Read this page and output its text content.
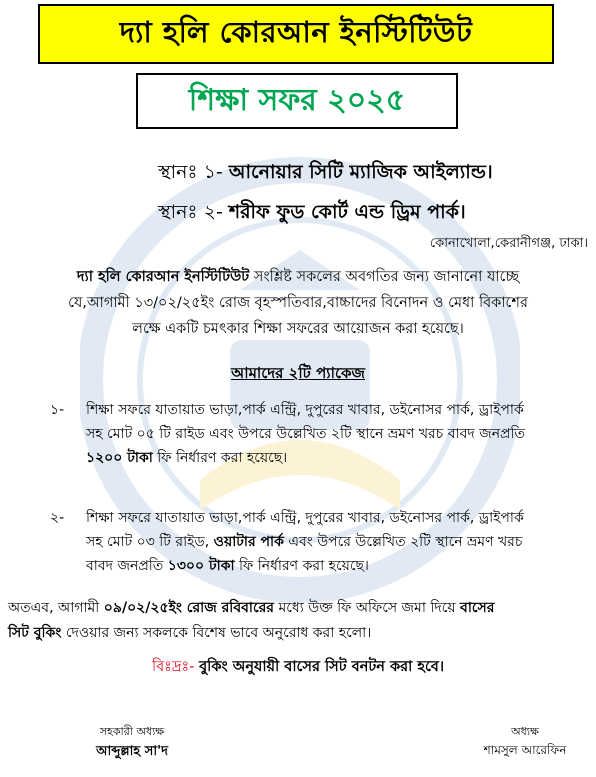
দ্যা হলি কোরআন ইনস্টিটিউট
শিক্ষা সফর ২০২৫
স্থানঃ ১- আনোয়ার সিটি ম্যাজিক আইল্যান্ড।
স্থানঃ ২- শরীফ ফুড কোর্ট এন্ড ড্রিম পার্ক।
কোনাখোলা,কেরানীগঞ্জ, ঢাকা।
দ্যা হলি কোরআন ইনস্টিটিউট সংশ্লিষ্ট সকলের অবগতির জন্য জানানো যাচ্ছে
যে,আগামী ১৩/০২/২৫ইং রোজ বৃহস্পতিবার,বাচ্চাদের বিনোদন ও মেধা বিকাশের
লক্ষে একটি চমৎকার শিক্ষা সফরের আয়োজন করা হয়েছে।
আমাদের ২টি প্যাকেজ
১-	শিক্ষা সফরে যাতায়াত ভাড়া,পার্ক এন্ট্রি, দুপুরের খাবার, ডইনোসর পার্ক, ড্রাইপার্ক
সহ মোট ০৫ টি রাইড এবং উপরে উল্লেখিত ২টি স্থানে ভ্রমণ খরচ বাবদ জনপ্রতি
১২০০ টাকা ফি নির্ধারণ করা হয়েছে।
২-	শিক্ষা সফরে যাতায়াত ভাড়া,পার্ক এন্ট্রি, দুপুরের খাবার, ডইনোসর পার্ক, ড্রাইপার্ক
সহ মোট ০৩ টি রাইড, ওয়াটার পার্ক এবং উপরে উল্লেখিত ২টি স্থানে ভ্রমণ খরচ
বাবদ জনপ্রতি ১৩০০ টাকা ফি নির্ধারণ করা হয়েছে।
অতএব, আগামী ০৯/০২/২৫ইং রোজ রবিবারের মধ্যে উক্ত ফি অফিসে জমা দিয়ে বাসের
সিট বুকিং দেওয়ার জন্য সকলকে বিশেষ ভাবে অনুরোধ করা হলো।
বিঃদ্রঃ- বুকিং অনুযায়ী বাসের সিট বনটন করা হবে।
সহকারী অধ্যক্ষ
আব্দুল্লাহ সা'দ
অধ্যক্ষ
শামসুল আরেফিন
